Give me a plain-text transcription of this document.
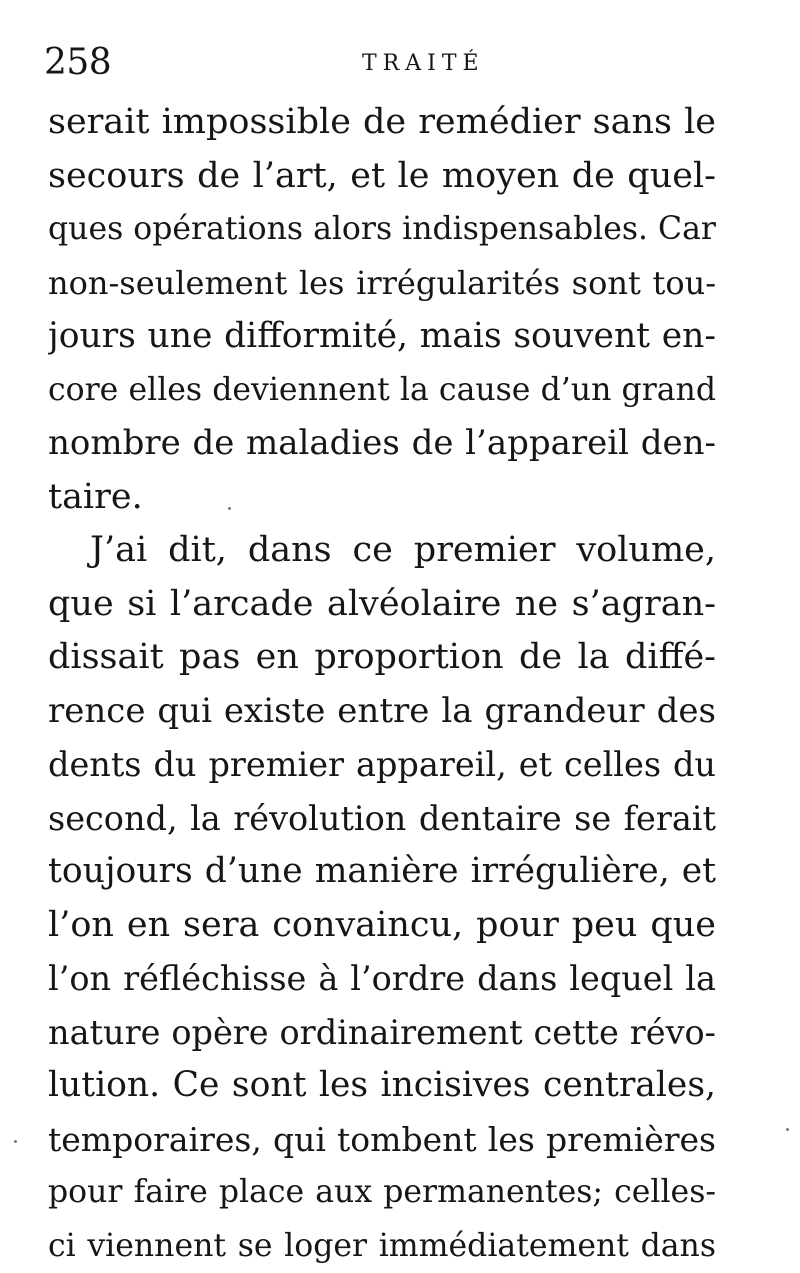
258	TRAITÉ
serait impossible de remédier sans le
secours de l’art, et le moyen de quel-
ques opérations alors indispensables. Car
non-seulement les irrégularités sont tou-
jours une difformité, mais souvent en-
core elles deviennent la cause d’un grand
nombre de maladies de l’appareil den-
taire.
J’ai dit, dans ce premier volume,
que si l’arcade alvéolaire ne s’agran-
dissait pas en proportion de la diffé-
rence qui existe entre la grandeur des
dents du premier appareil, et celles du
second, la révolution dentaire se ferait
toujours d’une manière irrégulière, et
l’on en sera convaincu, pour peu que
l’on réfléchisse à l’ordre dans lequel la
nature opère ordinairement cette révo-
lution. Ce sont les incisives centrales,
temporaires, qui tombent les premières
pour faire place aux permanentes; celles-
ci viennent se loger immédiatement dans
